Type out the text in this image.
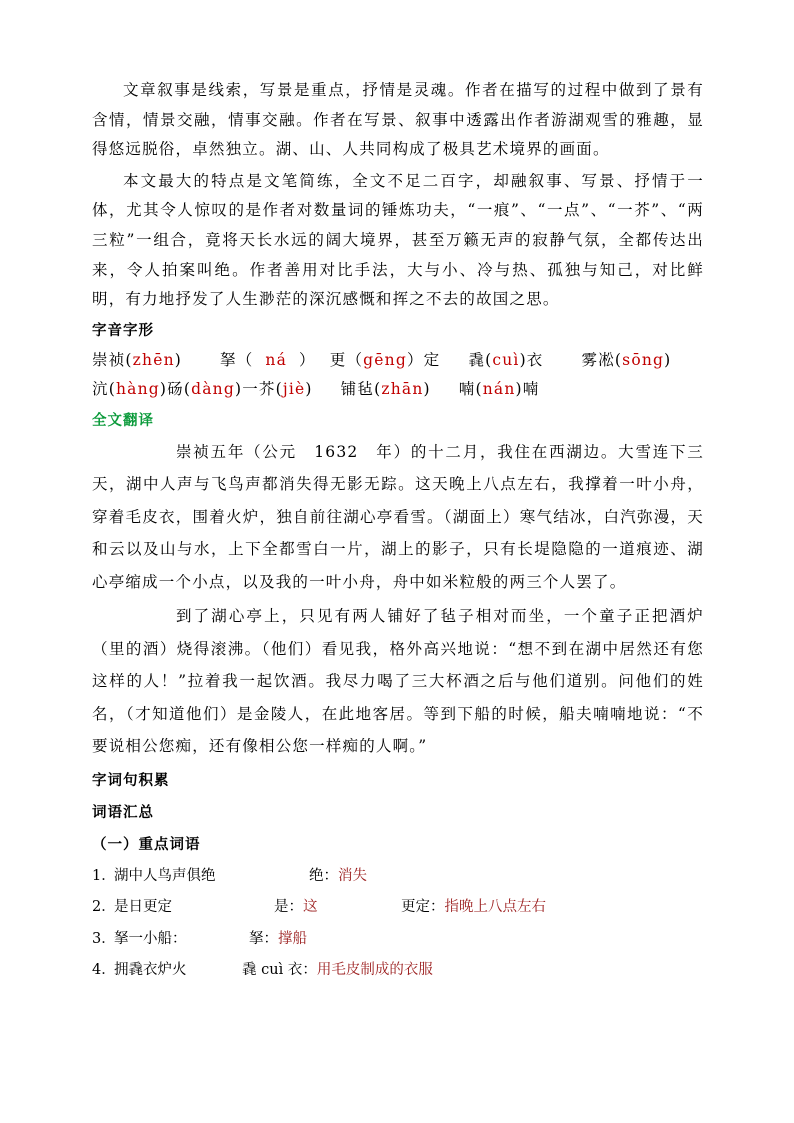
文章叙事是线索，写景是重点，抒情是灵魂。作者在描写的过程中做到了景有含情，情景交融，情事交融。作者在写景、叙事中透露出作者游湖观雪的雅趣，显得悠远脱俗，卓然独立。湖、山、人共同构成了极具艺术境界的画面。

本文最大的特点是文笔简练，全文不足二百字，却融叙事、写景、抒情于一体，尤其令人惊叹的是作者对数量词的锤炼功夫，“一痕”、“一点”、“一芥”、“两三粒”一组合，竟将天长水远的阔大境界，甚至万籁无声的寂静气氛，全都传达出来，令人拍案叫绝。作者善用对比手法，大与小、冷与热、孤独与知己，对比鲜明，有力地抒发了人生渺茫的深沉感慨和挥之不去的故国之思。

字音字形

崇祯(zhēn) 拏（ ná ） 更（gēng）定 毳(cuì)衣 雾凇(sōng)
沆(hàng)砀(dàng)一芥(jiè) 铺毡(zhān) 喃(nán)喃

全文翻译

崇祯五年（公元　1632　年）的十二月，我住在西湖边。大雪连下三天，湖中人声与飞鸟声都消失得无影无踪。这天晚上八点左右，我撑着一叶小舟，穿着毛皮衣，围着火炉，独自前往湖心亭看雪。（湖面上）寒气结冰，白汽弥漫，天和云以及山与水，上下全都雪白一片，湖上的影子，只有长堤隐隐的一道痕迹、湖心亭缩成一个小点，以及我的一叶小舟，舟中如米粒般的两三个人罢了。

到了湖心亭上，只见有两人铺好了毡子相对而坐，一个童子正把酒炉（里的酒）烧得滚沸。（他们）看见我，格外高兴地说：“想不到在湖中居然还有您这样的人！”拉着我一起饮酒。我尽力喝了三大杯酒之后与他们道别。问他们的姓名，（才知道他们）是金陵人，在此地客居。等到下船的时候，船夫喃喃地说：“不要说相公您痴，还有像相公您一样痴的人啊。”

字词句积累

词语汇总

（一）重点词语

1．湖中人鸟声俱绝	绝：消失
2．是日更定	是：这	更定：指晚上八点左右
3．拏一小船：	拏：撑船
4．拥毳衣炉火	毳 cuì 衣：用毛皮制成的衣服
